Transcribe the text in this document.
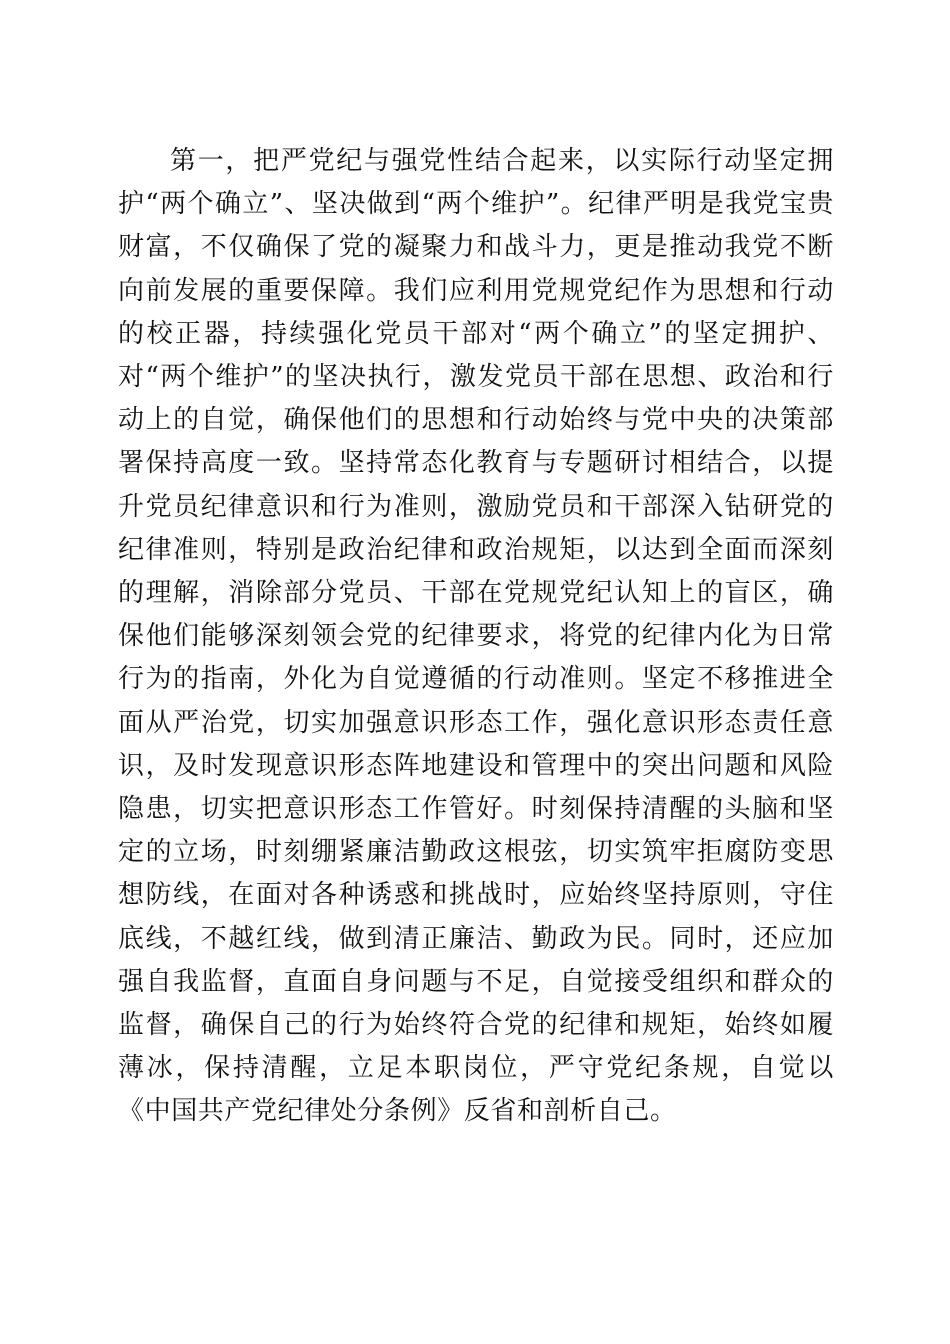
第一，把严党纪与强党性结合起来，以实际行动坚定拥护“两个确立”、坚决做到“两个维护”。纪律严明是我党宝贵财富，不仅确保了党的凝聚力和战斗力，更是推动我党不断向前发展的重要保障。我们应利用党规党纪作为思想和行动的校正器，持续强化党员干部对“两个确立”的坚定拥护、对“两个维护”的坚决执行，激发党员干部在思想、政治和行动上的自觉，确保他们的思想和行动始终与党中央的决策部署保持高度一致。坚持常态化教育与专题研讨相结合，以提升党员纪律意识和行为准则，激励党员和干部深入钻研党的纪律准则，特别是政治纪律和政治规矩，以达到全面而深刻的理解，消除部分党员、干部在党规党纪认知上的盲区，确保他们能够深刻领会党的纪律要求，将党的纪律内化为日常行为的指南，外化为自觉遵循的行动准则。坚定不移推进全面从严治党，切实加强意识形态工作，强化意识形态责任意识，及时发现意识形态阵地建设和管理中的突出问题和风险隐患，切实把意识形态工作管好。时刻保持清醒的头脑和坚定的立场，时刻绷紧廉洁勤政这根弦，切实筑牢拒腐防变思想防线，在面对各种诱惑和挑战时，应始终坚持原则，守住底线，不越红线，做到清正廉洁、勤政为民。同时，还应加强自我监督，直面自身问题与不足，自觉接受组织和群众的监督，确保自己的行为始终符合党的纪律和规矩，始终如履薄冰，保持清醒，立足本职岗位，严守党纪条规，自觉以《中国共产党纪律处分条例》反省和剖析自己。
